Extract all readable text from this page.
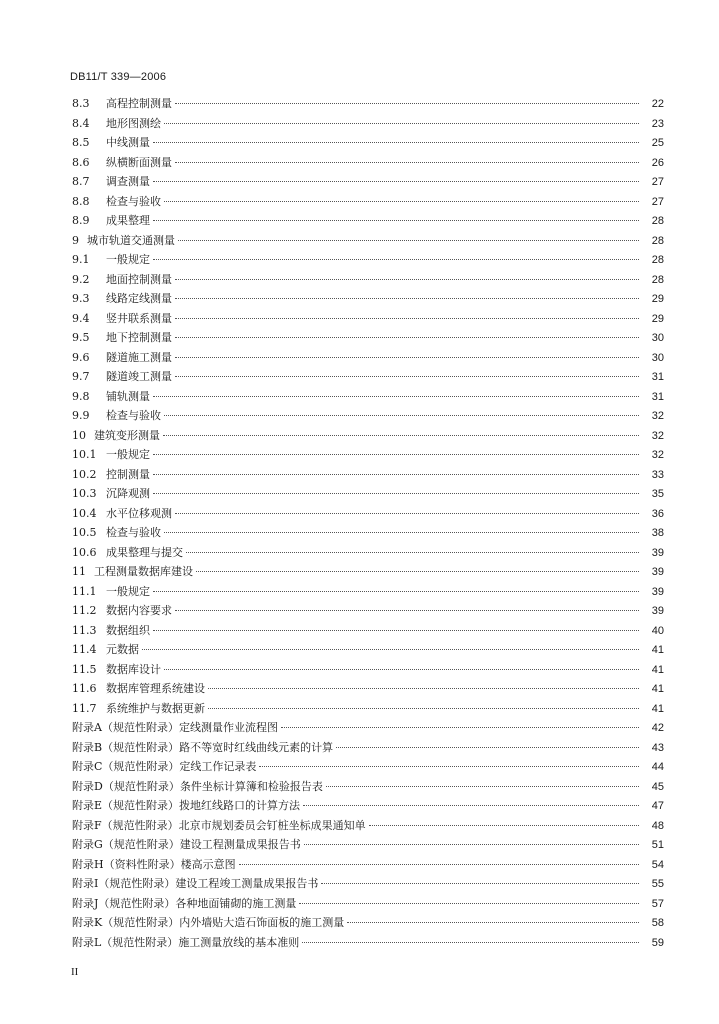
DB11/T 339—2006
8.3	高程控制测量	22
8.4	地形图测绘	23
8.5	中线测量	25
8.6	纵横断面测量	26
8.7	调查测量	27
8.8	检查与验收	27
8.9	成果整理	28
9 城市轨道交通测量	28
9.1	一般规定	28
9.2	地面控制测量	28
9.3	线路定线测量	29
9.4	竖井联系测量	29
9.5	地下控制测量	30
9.6	隧道施工测量	30
9.7	隧道竣工测量	31
9.8	铺轨测量	31
9.9	检查与验收	32
10 建筑变形测量	32
10.1 一般规定	32
10.2 控制测量	33
10.3 沉降观测	35
10.4 水平位移观测	36
10.5 检查与验收	38
10.6 成果整理与提交	39
11 工程测量数据库建设	39
11.1 一般规定	39
11.2 数据内容要求	39
11.3 数据组织	40
11.4 元数据	41
11.5 数据库设计	41
11.6 数据库管理系统建设	41
11.7 系统维护与数据更新	41
附录A（规范性附录） 定线测量作业流程图	42
附录B（规范性附录） 路不等宽时红线曲线元素的计算	43
附录C（规范性附录） 定线工作记录表	44
附录D（规范性附录） 条件坐标计算簿和检验报告表	45
附录E（规范性附录） 拨地红线路口的计算方法	47
附录F（规范性附录） 北京市规划委员会钉桩坐标成果通知单	48
附录G（规范性附录） 建设工程测量成果报告书	51
附录H（资料性附录） 楼高示意图	54
附录I（规范性附录） 建设工程竣工测量成果报告书	55
附录J（规范性附录） 各种地面铺砌的施工测量	57
附录K（规范性附录） 内外墙贴大造石饰面板的施工测量	58
附录L（规范性附录） 施工测量放线的基本准则	59
II
